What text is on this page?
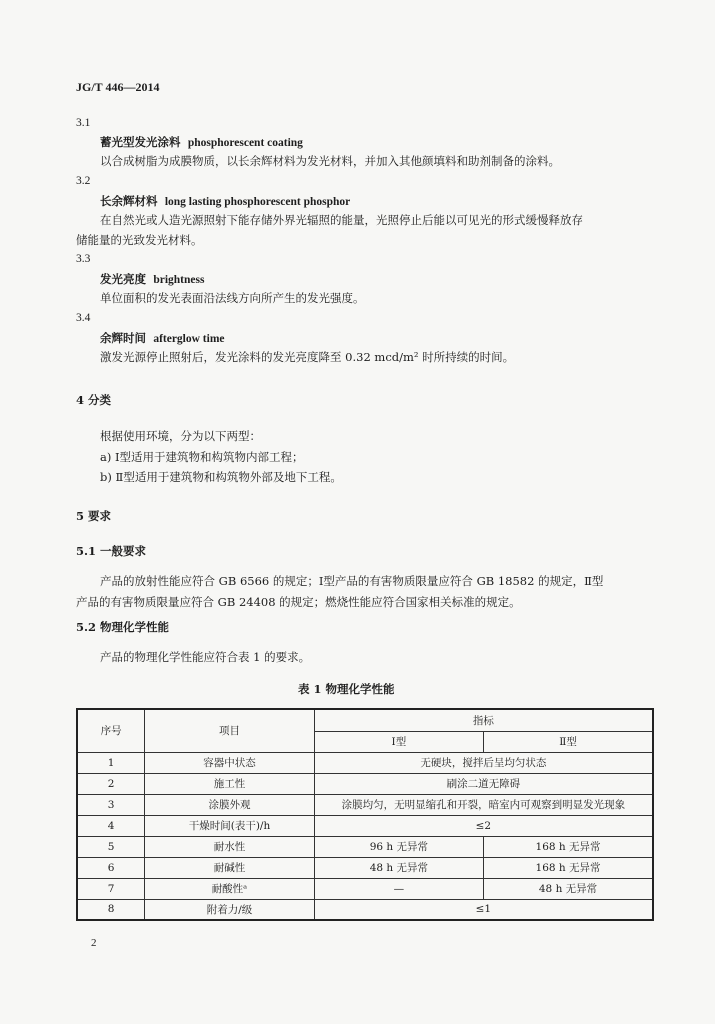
JG/T 446—2014
3.1
蓄光型发光涂料 phosphorescent coating
以合成树脂为成膜物质，以长余辉材料为发光材料，并加入其他颜填料和助剂制备的涂料。
3.2
长余辉材料 long lasting phosphorescent phosphor
在自然光或人造光源照射下能存储外界光辐照的能量，光照停止后能以可见光的形式缓慢释放存
储能量的光致发光材料。
3.3
发光亮度 brightness
单位面积的发光表面沿法线方向所产生的发光强度。
3.4
余辉时间 afterglow time
激发光源停止照射后，发光涂料的发光亮度降至 0.32 mcd/m² 时所持续的时间。
4 分类
根据使用环境，分为以下两型：
a) Ⅰ型适用于建筑物和构筑物内部工程；
b) Ⅱ型适用于建筑物和构筑物外部及地下工程。
5 要求
5.1 一般要求
产品的放射性能应符合 GB 6566 的规定；Ⅰ型产品的有害物质限量应符合 GB 18582 的规定，Ⅱ型
产品的有害物质限量应符合 GB 24408 的规定；燃烧性能应符合国家相关标准的规定。
5.2 物理化学性能
产品的物理化学性能应符合表 1 的要求。
表 1 物理化学性能
序号	项目	指标	
		Ⅰ型	Ⅱ型
1	容器中状态	无硬块，搅拌后呈均匀状态	
2	施工性	刷涂二道无障碍	
3	涂膜外观	涂膜均匀，无明显缩孔和开裂，暗室内可观察到明显发光现象	
4	干燥时间(表干)/h	≤2	
5	耐水性	96 h 无异常	168 h 无异常
6	耐碱性	48 h 无异常	168 h 无异常
7	耐酸性ᵃ	—	48 h 无异常
8	附着力/级	≤1	
2
